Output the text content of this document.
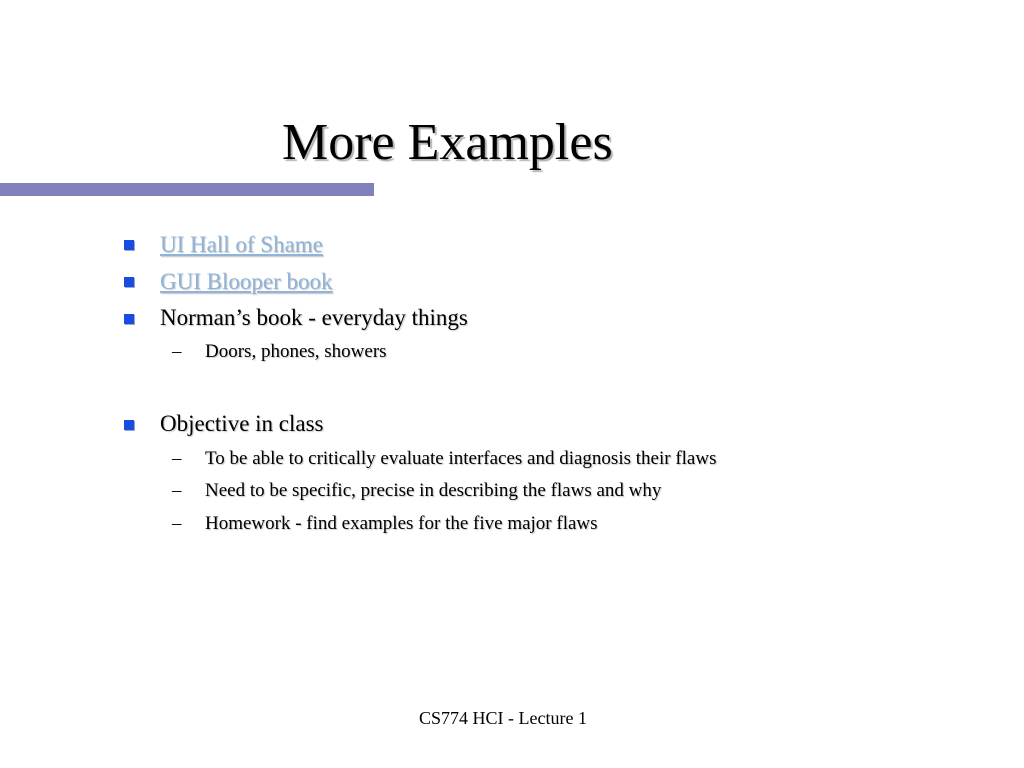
More Examples
UI Hall of Shame
GUI Blooper book
Norman’s book - everyday things
– Doors, phones, showers
Objective in class
– To be able to critically evaluate interfaces and diagnosis their flaws
– Need to be specific, precise in describing the flaws and why
– Homework - find examples for the five major flaws
CS774 HCI - Lecture 1
